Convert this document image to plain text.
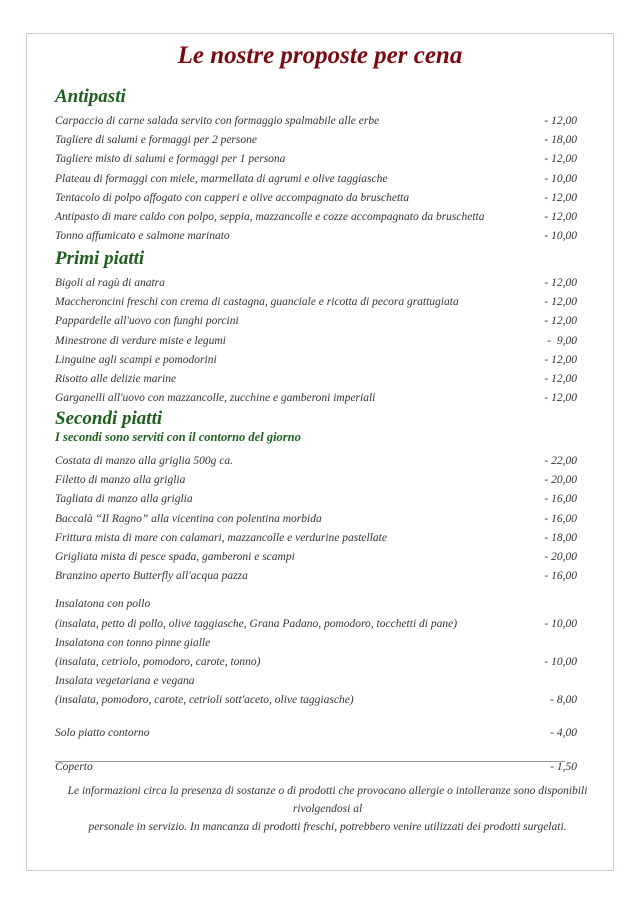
Le nostre proposte per cena
Antipasti
Carpaccio di carne salada servito con formaggio spalmabile alle erbe	- 12,00
Tagliere di salumi e formaggi per 2 persone	- 18,00
Tagliere misto di salumi e formaggi per 1 persona	- 12,00
Plateau di formaggi con miele, marmellata di agrumi e olive taggiasche	- 10,00
Tentacolo di polpo affogato con capperi e olive accompagnato da bruschetta	- 12,00
Antipasto di mare caldo con polpo, seppia, mazzancolle e cozze accompagnato da bruschetta	- 12,00
Tonno affumicato e salmone marinato	- 10,00
Primi piatti
Bigoli al ragù di anatra	- 12,00
Maccheroncini freschi con crema di castagna, guanciale e ricotta di pecora grattugiata	- 12,00
Pappardelle all'uovo con funghi porcini	- 12,00
Minestrone di verdure miste e legumi	-  9,00
Linguine agli scampi e pomodorini	- 12,00
Risotto alle delizie marine	- 12,00
Garganelli all'uovo con mazzancolle, zucchine e gamberoni imperiali	- 12,00
Secondi piatti
I secondi sono serviti con il contorno del giorno
Costata di manzo alla griglia 500g ca.	- 22,00
Filetto di manzo alla griglia	- 20,00
Tagliata di manzo alla griglia	- 16,00
Baccalà “Il Ragno” alla vicentina con polentina morbida	- 16,00
Frittura mista di mare con calamari, mazzancolle e verdurine pastellate	- 18,00
Grigliata mista di pesce spada, gamberoni e scampi	- 20,00
Branzino aperto Butterfly all'acqua pazza	- 16,00
Insalatona con pollo
(insalata, petto di pollo, olive taggiasche, Grana Padano, pomodoro, tocchetti di pane)	- 10,00
Insalatona con tonno pinne gialle
(insalata, cetriolo, pomodoro, carote, tonno)	- 10,00
Insalata vegetariana e vegana
(insalata, pomodoro, carote, cetrioli sott'aceto, olive taggiasche)	- 8,00
Solo piatto contorno	- 4,00
Coperto	- 1,50
Le informazioni circa la presenza di sostanze o di prodotti che provocano allergie o intolleranze sono disponibili rivolgendosi al
personale in servizio. In mancanza di prodotti freschi, potrebbero venire utilizzati dei prodotti surgelati.
